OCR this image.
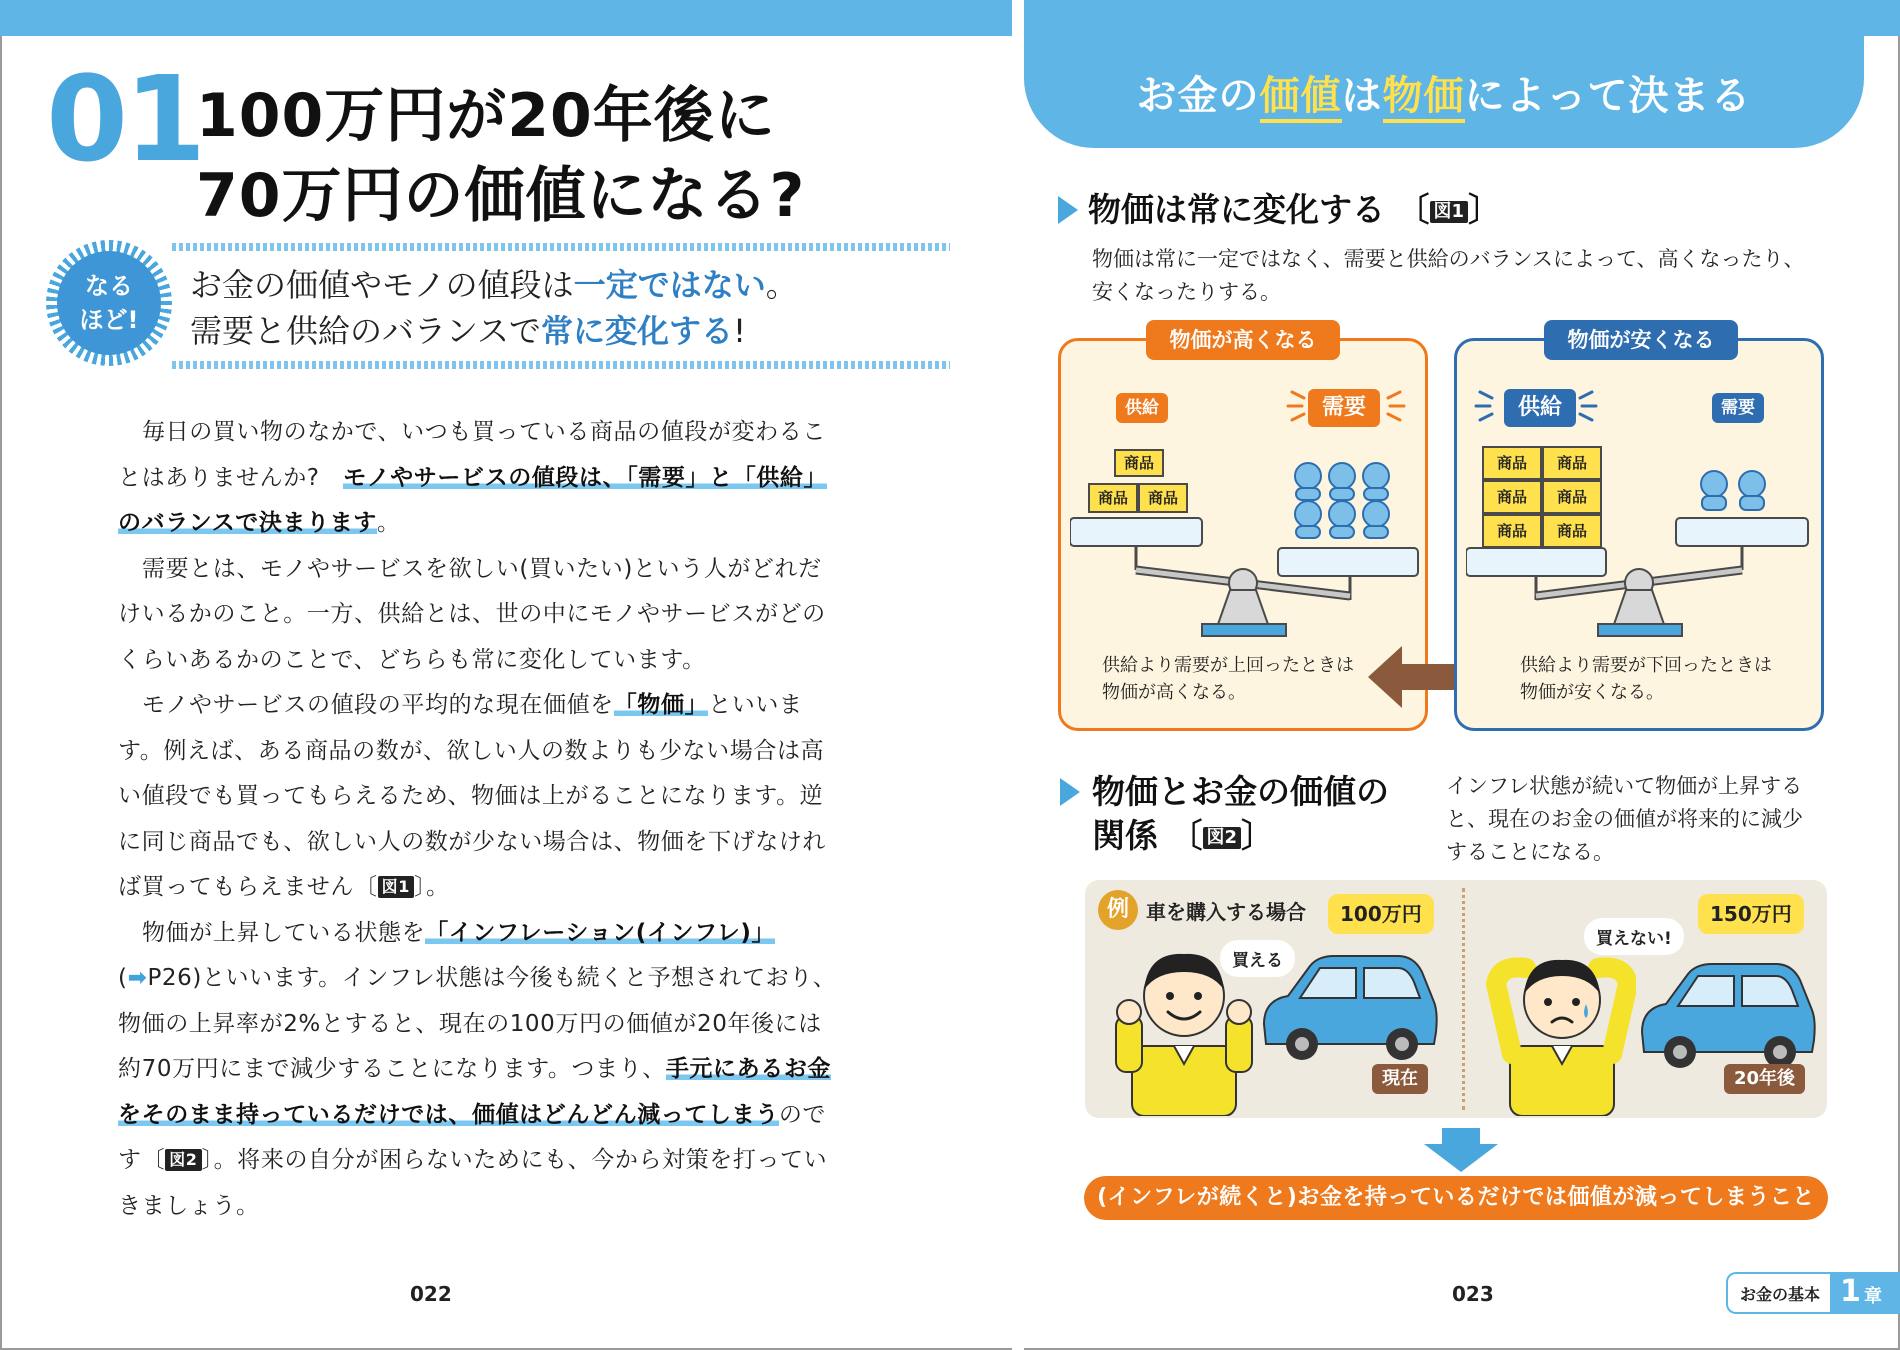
01
100万円が20年後に
70万円の価値になる?
なる
ほど!
お金の価値やモノの値段は一定ではない。
需要と供給のバランスで常に変化する!

毎日の買い物のなかで、いつも買っている商品の値段が変わることはありませんか?　モノやサービスの値段は、「需要」と「供給」のバランスで決まります。

需要とは、モノやサービスを欲しい(買いたい)という人がどれだけいるかのこと。一方、供給とは、世の中にモノやサービスがどのくらいあるかのことで、どちらも常に変化しています。

モノやサービスの値段の平均的な現在価値を「物価」といいます。例えば、ある商品の数が、欲しい人の数よりも少ない場合は高い値段でも買ってもらえるため、物価は上がることになります。逆に同じ商品でも、欲しい人の数が少ない場合は、物価を下げなければ買ってもらえません〔 図1 〕。

物価が上昇している状態を「インフレーション(インフレ)」(➡P26)といいます。インフレ状態は今後も続くと予想されており、物価の上昇率が2%とすると、現在の100万円の価値が20年後には約70万円にまで減少することになります。つまり、手元にあるお金をそのまま持っているだけでは、価値はどんどん減ってしまうのです〔 図2 〕。将来の自分が困らないためにも、今から対策を打っていきましょう。

022
お金の価値は物価によって決まる
物価は常に変化する 〔 図1 〕
物価は常に一定ではなく、需要と供給のバランスによって、高くなったり、
安くなったりする。
物価が高くなる
供給	需要
商品
商品	商品
供給より需要が上回ったときは
物価が高くなる。
物価が安くなる
供給	需要
商品	商品
商品	商品
商品	商品
供給より需要が下回ったときは
物価が安くなる。
物価とお金の価値の
関係 〔 図2 〕
インフレ状態が続いて物価が上昇する
と、現在のお金の価値が将来的に減少
することになる。
例 車を購入する場合	100万円	150万円
買える
買えない!
現在	20年後
(インフレが続くと)お金を持っているだけでは価値が減ってしまうことも!
023	お金の基本 1 章
